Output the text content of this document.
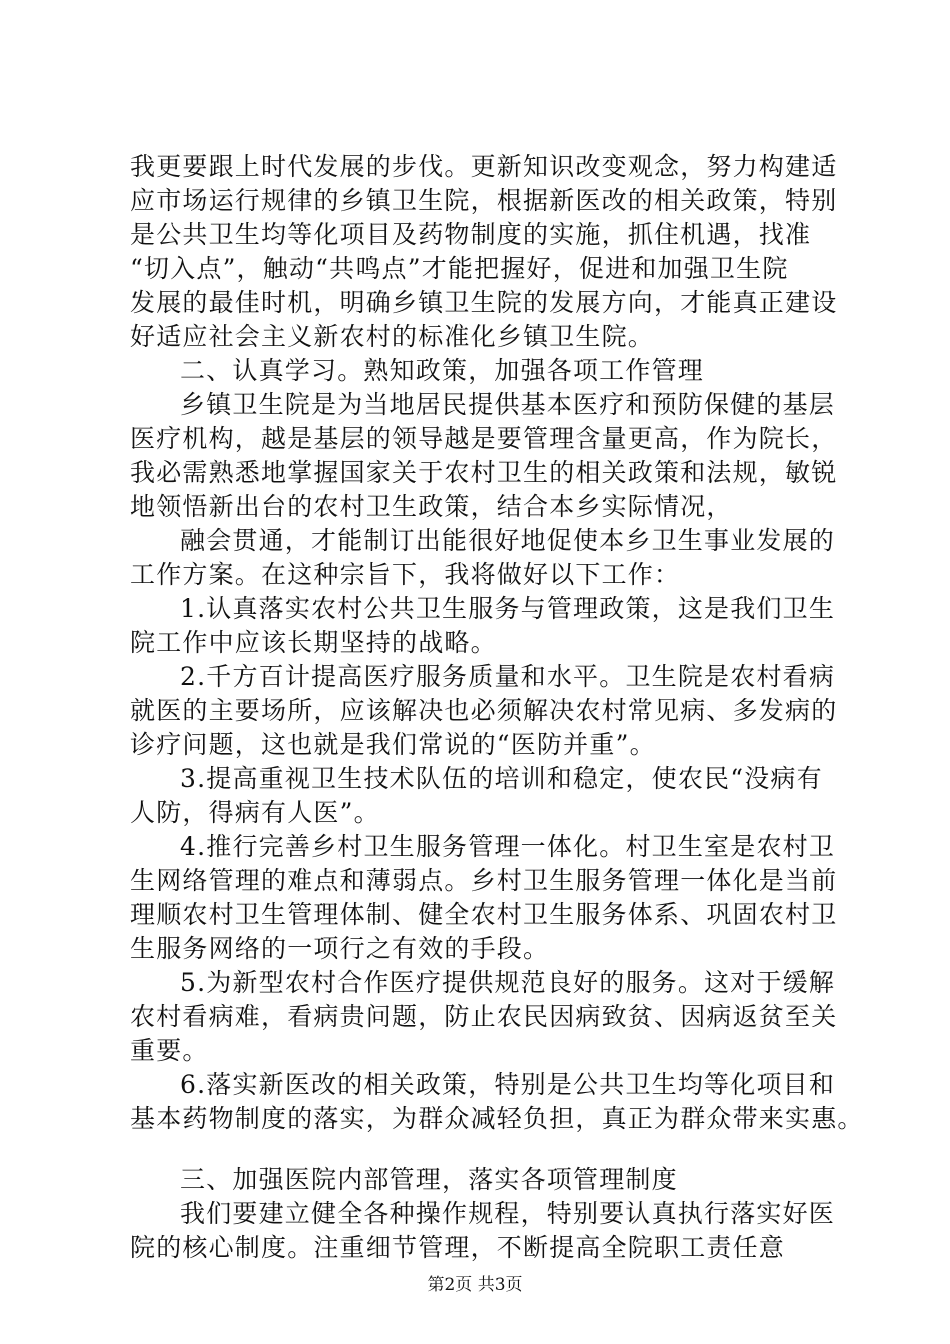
我更要跟上时代发展的步伐。更新知识改变观念，努力构建适
应市场运行规律的乡镇卫生院，根据新医改的相关政策，特别
是公共卫生均等化项目及药物制度的实施，抓住机遇，找准
“切入点”，触动“共鸣点”才能把握好，促进和加强卫生院
发展的最佳时机，明确乡镇卫生院的发展方向，才能真正建设
好适应社会主义新农村的标准化乡镇卫生院。
二、认真学习。熟知政策，加强各项工作管理
乡镇卫生院是为当地居民提供基本医疗和预防保健的基层
医疗机构，越是基层的领导越是要管理含量更高，作为院长，
我必需熟悉地掌握国家关于农村卫生的相关政策和法规，敏锐
地领悟新出台的农村卫生政策，结合本乡实际情况，
融会贯通，才能制订出能很好地促使本乡卫生事业发展的
工作方案。在这种宗旨下，我将做好以下工作：
1.认真落实农村公共卫生服务与管理政策，这是我们卫生
院工作中应该长期坚持的战略。
2.千方百计提高医疗服务质量和水平。卫生院是农村看病
就医的主要场所，应该解决也必须解决农村常见病、多发病的
诊疗问题，这也就是我们常说的“医防并重”。
3.提高重视卫生技术队伍的培训和稳定，使农民“没病有
人防，得病有人医”。
4.推行完善乡村卫生服务管理一体化。村卫生室是农村卫
生网络管理的难点和薄弱点。乡村卫生服务管理一体化是当前
理顺农村卫生管理体制、健全农村卫生服务体系、巩固农村卫
生服务网络的一项行之有效的手段。
5.为新型农村合作医疗提供规范良好的服务。这对于缓解
农村看病难，看病贵问题，防止农民因病致贫、因病返贫至关
重要。
6.落实新医改的相关政策，特别是公共卫生均等化项目和
基本药物制度的落实，为群众减轻负担，真正为群众带来实惠。
三、加强医院内部管理，落实各项管理制度
我们要建立健全各种操作规程，特别要认真执行落实好医
院的核心制度。注重细节管理，不断提高全院职工责任意
第2页 共3页
